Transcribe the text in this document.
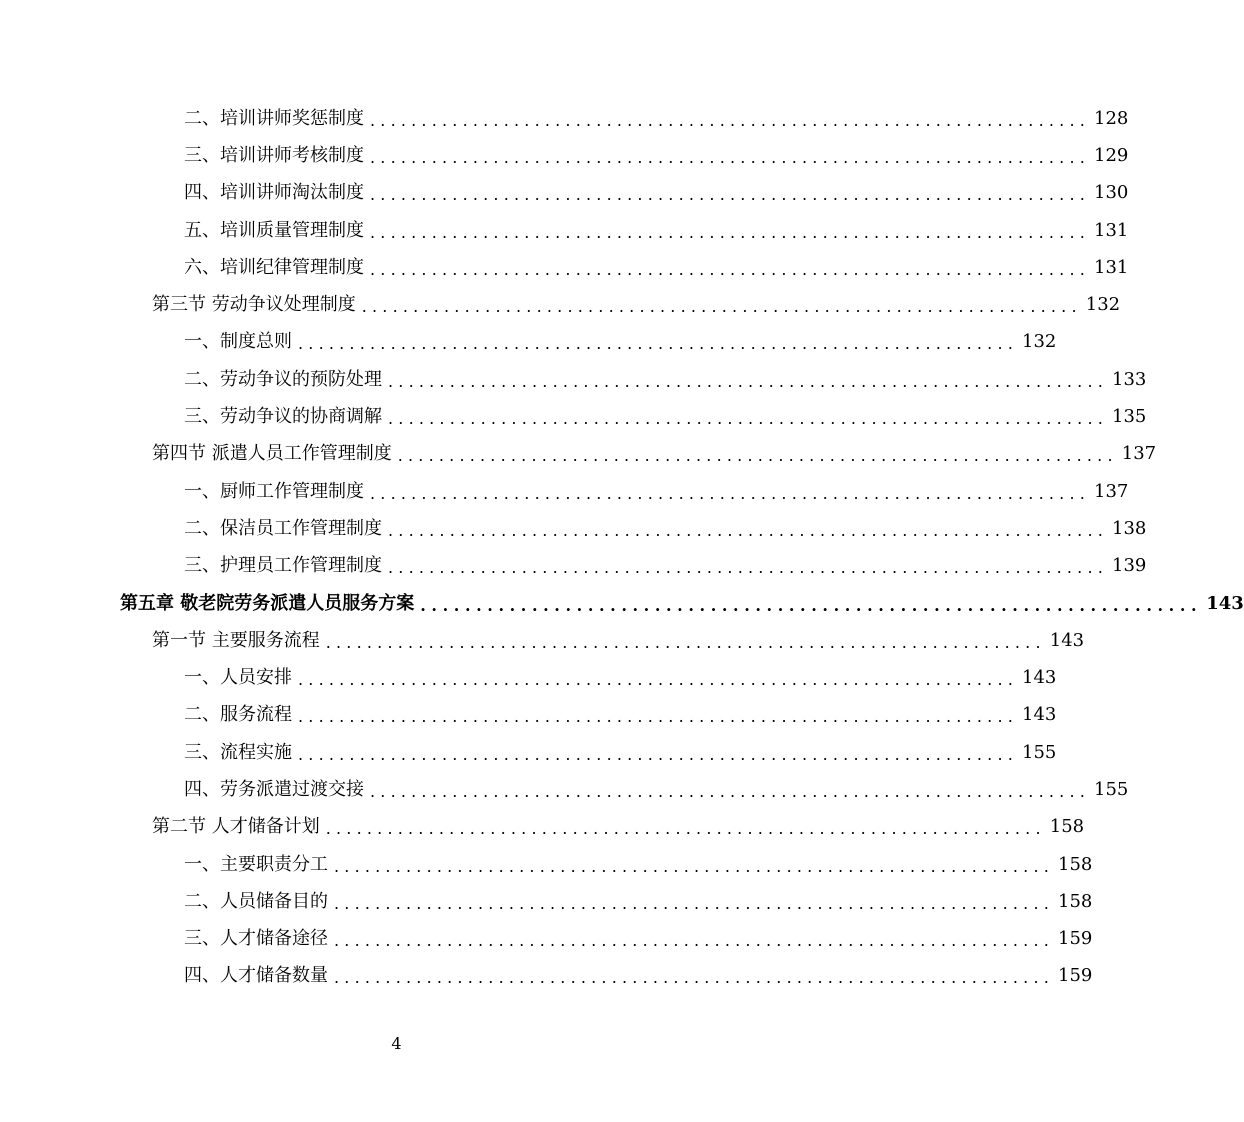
二、培训讲师奖惩制度 ...................................................................... 128
三、培训讲师考核制度 ...................................................................... 129
四、培训讲师淘汰制度 ...................................................................... 130
五、培训质量管理制度 ...................................................................... 131
六、培训纪律管理制度 ...................................................................... 131
第三节 劳动争议处理制度 ...................................................................... 132
一、制度总则 ...................................................................... 132
二、劳动争议的预防处理 ...................................................................... 133
三、劳动争议的协商调解 ...................................................................... 135
第四节 派遣人员工作管理制度 ...................................................................... 137
一、厨师工作管理制度 ...................................................................... 137
二、保洁员工作管理制度 ...................................................................... 138
三、护理员工作管理制度 ...................................................................... 139
第五章 敬老院劳务派遣人员服务方案 ...................................................................... 143
第一节 主要服务流程 ...................................................................... 143
一、人员安排 ...................................................................... 143
二、服务流程 ...................................................................... 143
三、流程实施 ...................................................................... 155
四、劳务派遣过渡交接 ...................................................................... 155
第二节 人才储备计划 ...................................................................... 158
一、主要职责分工 ...................................................................... 158
二、人员储备目的 ...................................................................... 158
三、人才储备途径 ...................................................................... 159
四、人才储备数量 ...................................................................... 159
4
